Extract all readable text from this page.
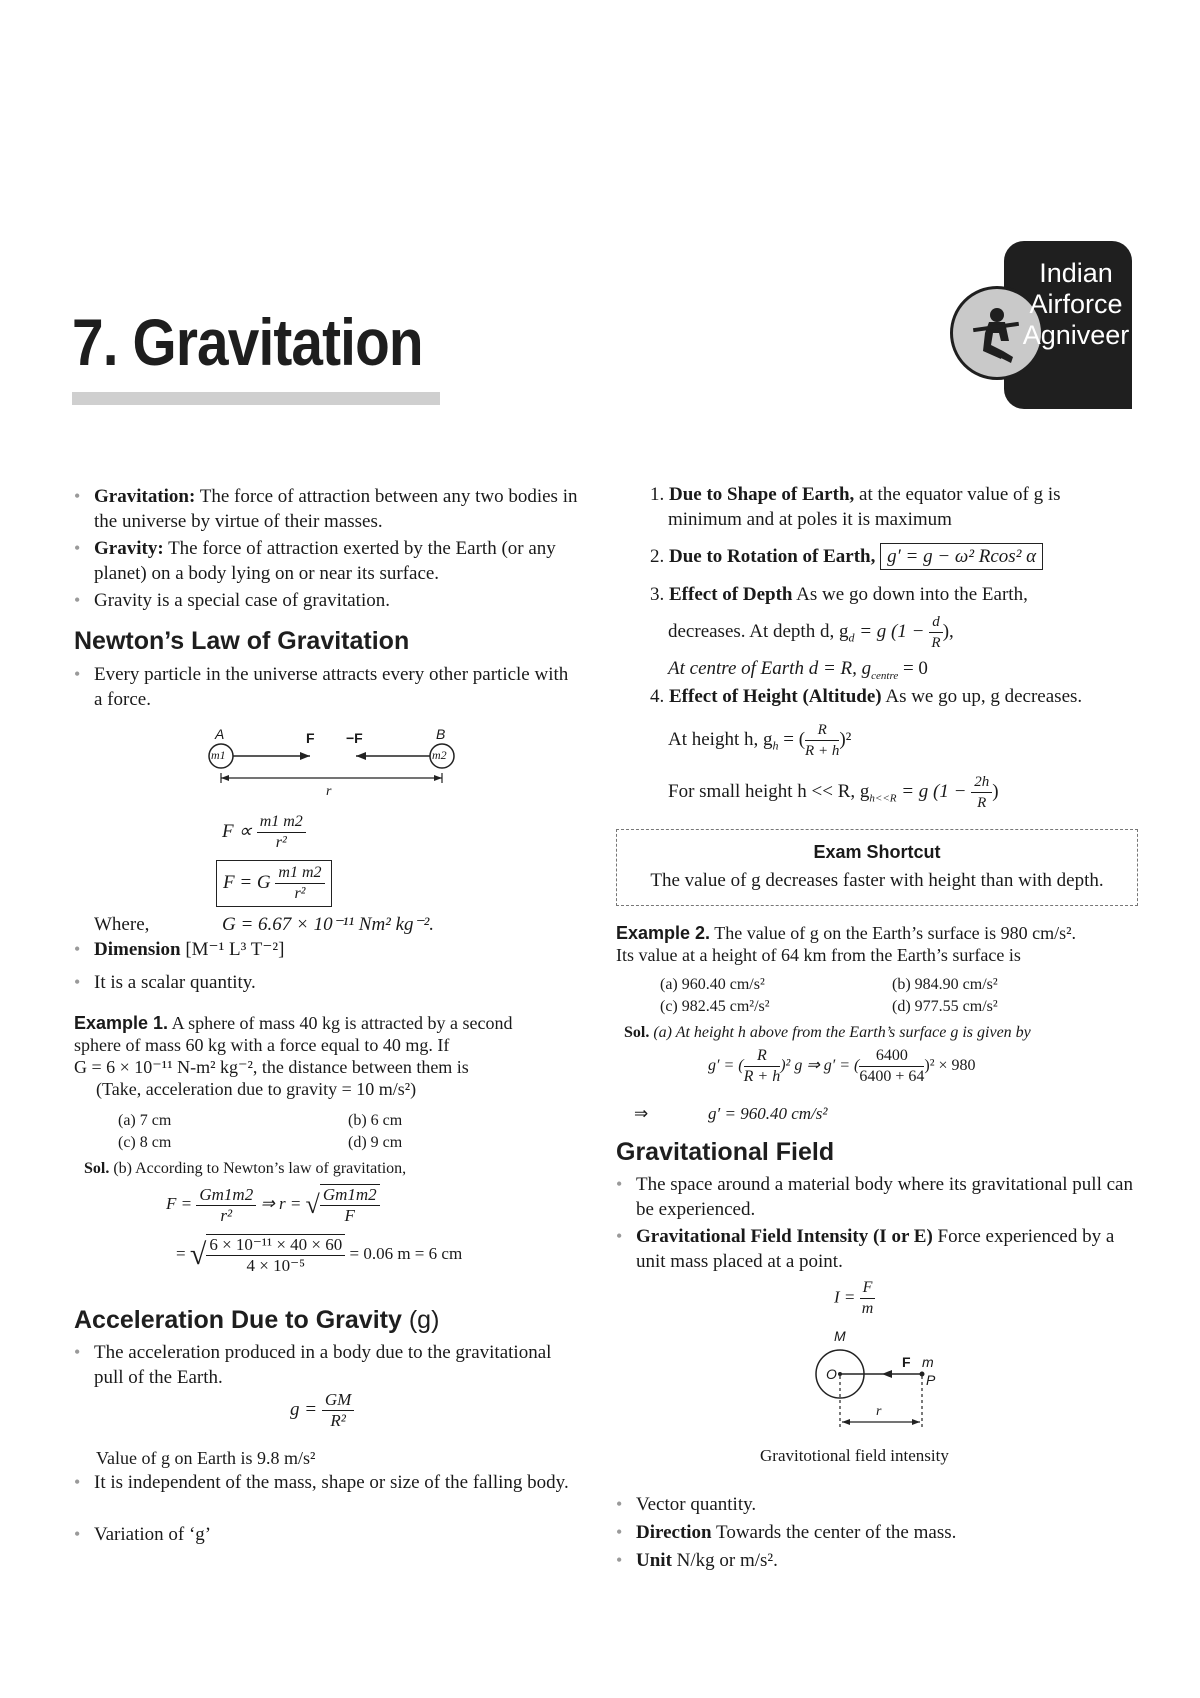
7. Gravitation
Indian
Airforce
Agniveer
• Gravitation: The force of attraction between any two bodies in the universe by virtue of their masses.
• Gravity: The force of attraction exerted by the Earth (or any planet) on a body lying on or near its surface.
• Gravity is a special case of gravitation.
Newton’s Law of Gravitation
• Every particle in the universe attracts every other particle with a force.
A	B
m1	m2
F −F
r
$F \propto \frac{m1 m2}{\text{r²}}$
F = G $\frac{m1 m2}{\text{r²}}$
Where,	G = 6.67 × 10⁻¹¹ Nm² kg⁻².
• Dimension [M⁻¹ L³ T⁻²]
• It is a scalar quantity.
Example 1. A sphere of mass 40 kg is attracted by a second
sphere of mass 60 kg with a force equal to 40 mg. If
G = 6 × 10⁻¹¹ N-m² kg⁻², the distance between them is
(Take, acceleration due to gravity = 10 m/s²)
(a) 7 cm	(b) 6 cm
(c) 8 cm	(d) 9 cm
Sol. (b) According to Newton’s law of gravitation,
$F = \frac{Gm1m2}{\text{r²}}$ ⇒ r = √ $\frac{Gm1m2}{F}$
= √ $\frac{\text{6 × 10⁻¹¹ × 40 × 60}}{\text{4 × 10⁻⁵}} = 0.06$ m = 6 cm
Acceleration Due to Gravity (g)
• The acceleration produced in a body due to the gravitational pull of the Earth.
$g = \frac{GM}{\text{R²}}$
Value of g on Earth is 9.8 m/s²
• It is independent of the mass, shape or size of the falling body.
• Variation of ‘g’
1. Due to Shape of Earth, at the equator value of g is
minimum and at poles it is maximum
2. Due to Rotation of Earth, g′ = g − ω² Rcos² α
3. Effect of Depth As we go down into the Earth,
decreases. At depth d, $g_d = g$ ($1 - \frac{d}{R}$ ),
At centre of Earth d = R, $g_{centre} = 0$
4. Effect of Height (Altitude) As we go up, g decreases.
At height h, $g_h$ = ( $\frac{R}{R + h} )^2$
For small height h << R, $g_{h<<R} = g$ ($1 - \frac{2h}{R}$ )
Exam Shortcut
The value of g decreases faster with height than with depth.
Example 2. The value of g on the Earth’s surface is 980 cm/s².
Its value at a height of 64 km from the Earth’s surface is
(a) 960.40 cm/s²	(b) 984.90 cm/s²
(c) 982.45 cm²/s²	(d) 977.55 cm/s²
Sol. (a) At height h above from the Earth’s surface g is given by
g′ = ( $\frac{R}{R + h} )^2$ g ⇒ g′ = ( $\frac{6400}{6400 + 64} )^2 \times 980$
⇒	g′ = 960.40 cm/s²
Gravitational Field
• The space around a material body where its gravitational pull can be experienced.
• Gravitational Field Intensity (I or E) Force experienced by a unit mass placed at a point.
$I = \frac{F}{m}$
M
O
F m
P
r
Gravitotional field intensity
• Vector quantity.
• Direction Towards the center of the mass.
• Unit N/kg or m/s².
